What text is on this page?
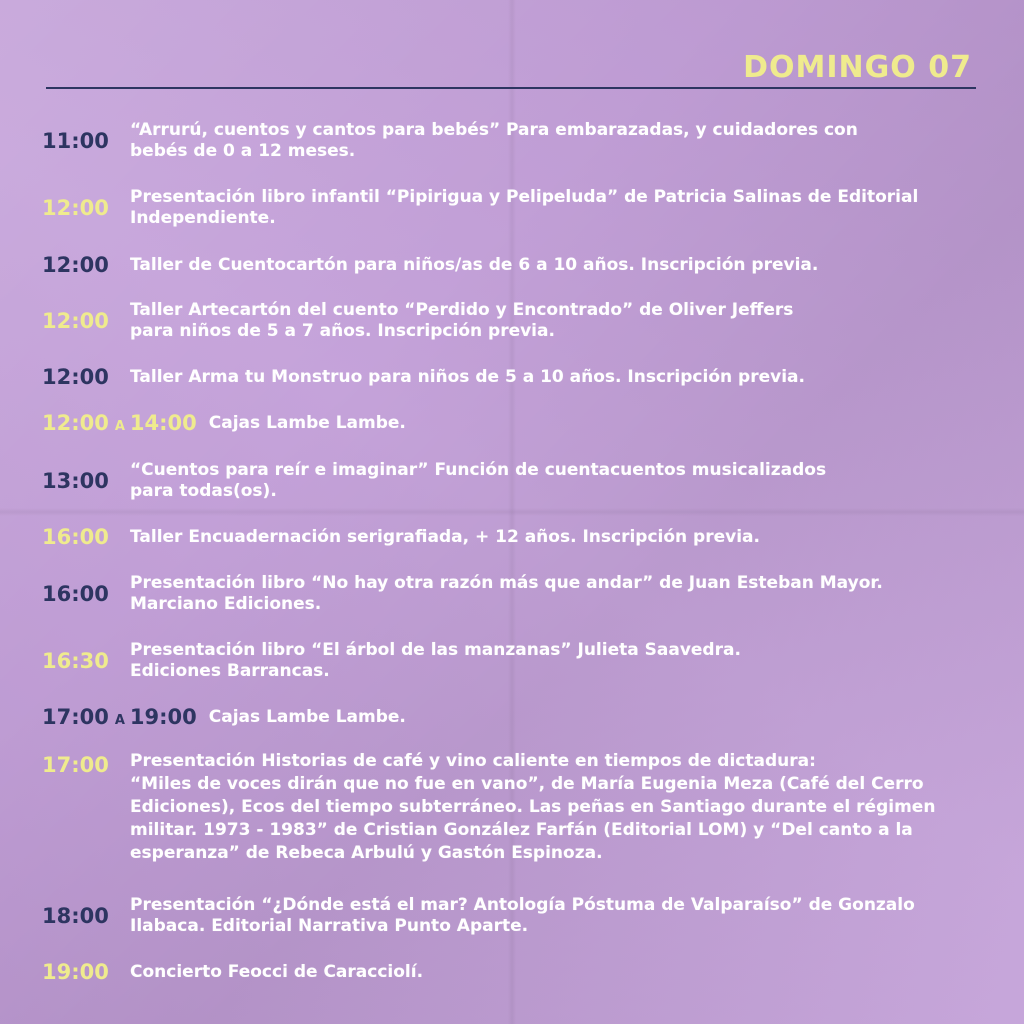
DOMINGO 07
11:00	“Arrurú, cuentos y cantos para bebés” Para embarazadas, y cuidadores con
bebés de 0 a 12 meses.
12:00	Presentación libro infantil “Pipirigua y Pelipeluda” de Patricia Salinas de Editorial
Independiente.
12:00	Taller de Cuentocartón para niños/as de 6 a 10 años. Inscripción previa.
12:00	Taller Artecartón del cuento “Perdido y Encontrado” de Oliver Jeffers
para niños de 5 a 7 años. Inscripción previa.
12:00	Taller Arma tu Monstruo para niños de 5 a 10 años. Inscripción previa.
12:00 A 14:00 Cajas Lambe Lambe.
13:00	“Cuentos para reír e imaginar” Función de cuentacuentos musicalizados
para todas(os).
16:00	Taller Encuadernación serigrafiada, + 12 años. Inscripción previa.
16:00	Presentación libro “No hay otra razón más que andar” de Juan Esteban Mayor.
Marciano Ediciones.
16:30	Presentación libro “El árbol de las manzanas” Julieta Saavedra.
Ediciones Barrancas.
17:00 A 19:00 Cajas Lambe Lambe.
17:00	Presentación Historias de café y vino caliente en tiempos de dictadura:
“Miles de voces dirán que no fue en vano”, de María Eugenia Meza (Café del Cerro
Ediciones), Ecos del tiempo subterráneo. Las peñas en Santiago durante el régimen
militar. 1973 - 1983” de Cristian González Farfán (Editorial LOM) y “Del canto a la
esperanza” de Rebeca Arbulú y Gastón Espinoza.
18:00	Presentación “¿Dónde está el mar? Antología Póstuma de Valparaíso” de Gonzalo
Ilabaca. Editorial Narrativa Punto Aparte.
19:00	Concierto Feocci de Caracciolí.
